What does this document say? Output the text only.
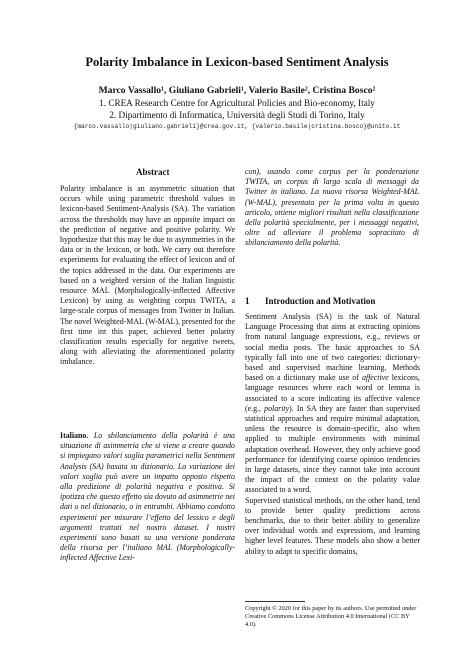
Polarity Imbalance in Lexicon-based Sentiment Analysis
Marco Vassallo¹, Giuliano Gabrieli¹, Valerio Basile², Cristina Bosco²
1. CREA Research Centre for Agricultural Policies and Bio-economy, Italy
2. Dipartimento di Informatica, Università degli Studi di Torino, Italy
{marco.vassallo|giuliano.gabrieli}@crea.gov.it, {valerio.basile|cristina.bosco}@unito.it
Abstract
Polarity imbalance is an asymmetric situation that occurs while using parametric threshold values in lexicon-based Sentiment-Analysis (SA). The variation across the thresholds may have an opposite impact on the prediction of negative and positive polarity. We hypothesize that this may be due to asymmetries in the data or in the lexicon, or both. We carry out therefore experiments for evaluating the effect of lexicon and of the topics addressed in the data. Our experiments are based on a weighted version of the Italian linguistic resource MAL (Morphologically-inflected Affective Lexicon) by using as weighting corpus TWITA, a large-scale corpus of messages from Twitter in Italian. The novel Weighted-MAL (W-MAL), presented for the first time int this paper, achieved better polarity classification results especially for negative tweets, along with alleviating the aforementioned polarity imbalance.
Italiano. Lo sbilanciamento della polarità è una situazione di asimmetria che si viene a creare quando si impiegano valori soglia parametrici nella Sentiment Analysis (SA) basata su dizionario. La variazione dei valori soglia può avere un impatto opposto rispetto alla predizione di polarità negativa e positiva. Si ipotizza che questo effetto sia dovuto ad asimmetrie nei dati o nel dizionario, o in entrambi. Abbiamo condotto esperimenti per misurare l’effetto del lessico e degli argomenti trattati nel nostro dataset. I nostri esperimenti sono basati su una versione ponderata della risorsa per l’italiano MAL (Morphologically-inflected Affective Lexi-
con), usando come corpus per la ponderazione TWITA, un corpus di larga scala di messaggi da Twitter in italiano. La nuova risorsa Weighted-MAL (W-MAL), presentata per la prima volta in questo articolo, ottiene migliori risultati nella classificazione della polarità specialmente, per i messaggi negativi, oltre ad alleviare il problema sopracitato di sbilanciamento della polarità.
1 Introduction and Motivation

Sentiment Analysis (SA) is the task of Natural Language Processing that aims at extracting opinions from natural language expressions, e.g., reviews or social media posts. The basic approaches to SA typically fall into one of two categories: dictionary-based and supervised machine learning. Methods based on a dictionary make use of affective lexicons, language resources where each word or lemma is associated to a score indicating its affective valence (e.g., polarity). In SA they are faster than supervised statistical approaches and require minimal adaptation, unless the resource is domain-specific, also when applied to multiple environments with minimal adaptation overhead. However, they only achieve good performance for identifying coarse opinion tendencies in large datasets, since they cannot take into account the impact of the context on the polarity value associated to a word.

Supervised statistical methods, on the other hand, tend to provide better quality predictions across benchmarks, due to their better ability to generalize over individual words and expressions, and learning higher level features. These models also show a better ability to adapt to specific domains,

Copyright © 2020 for this paper by its authors. Use permitted under Creative Commons License Attribution 4.0 International (CC BY 4.0).
